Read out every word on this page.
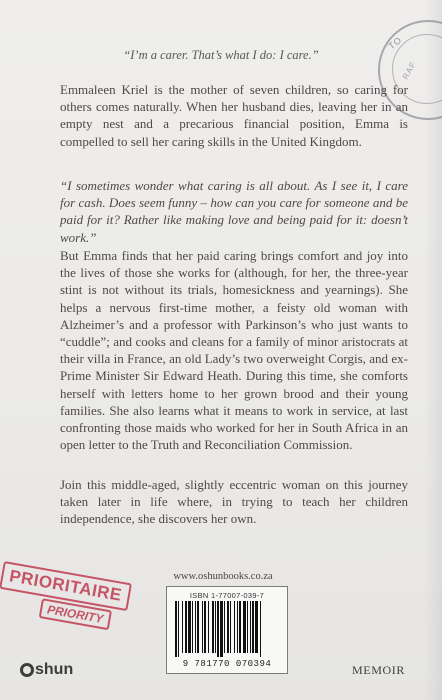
TO
RAF
“I’m a carer. That’s what I do: I care.”
Emmaleen Kriel is the mother of seven children, so caring for others comes naturally. When her husband dies, leaving her in an empty nest and a precarious financial position, Emma is compelled to sell her caring skills in the United Kingdom.
“I sometimes wonder what caring is all about. As I see it, I care for cash. Does seem funny – how can you care for someone and be paid for it? Rather like making love and being paid for it: doesn’t work.”
But Emma finds that her paid caring brings comfort and joy into the lives of those she works for (although, for her, the three-year stint is not without its trials, homesickness and yearnings). She helps a nervous first-time mother, a feisty old woman with Alzheimer’s and a professor with Parkinson’s who just wants to “cuddle”; and cooks and cleans for a family of minor aristocrats at their villa in France, an old Lady’s two overweight Corgis, and ex-Prime Minister Sir Edward Heath. During this time, she comforts herself with letters home to her grown brood and their young families. She also learns what it means to work in service, at last confronting those maids who worked for her in South Africa in an open letter to the Truth and Reconciliation Commission.
Join this middle-aged, slightly eccentric woman on this journey taken later in life where, in trying to teach her children independence, she discovers her own.
www.oshunbooks.co.za
PRIORITAIRE
PRIORITY
ISBN 1-77007-039-7
9 781770 070394
shun	MEMOIR
